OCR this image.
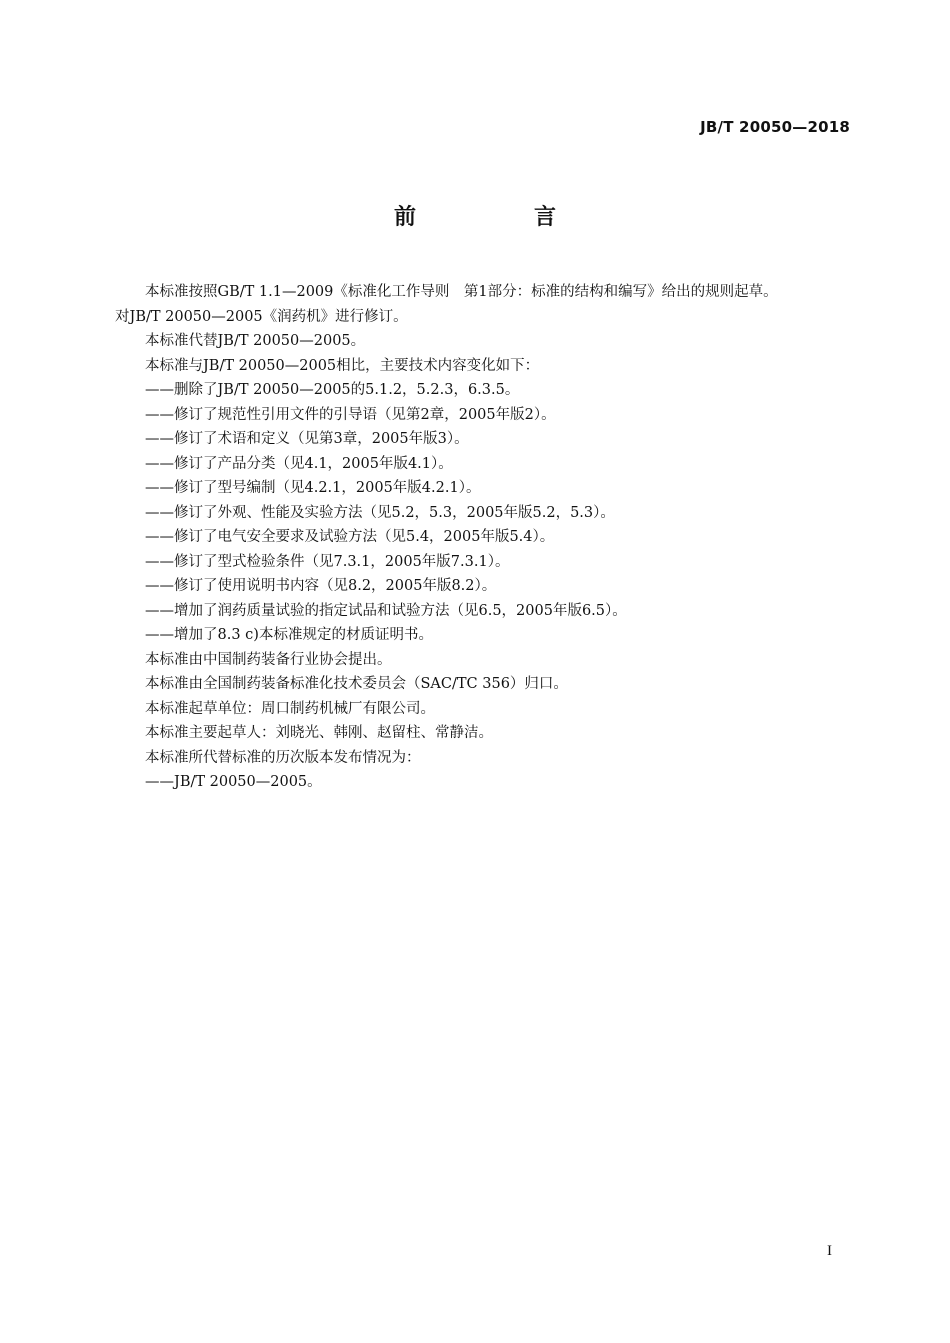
JB/T 20050—2018
前　言

本标准按照GB/T 1.1—2009《标准化工作导则　第1部分：标准的结构和编写》给出的规则起草。

对JB/T 20050—2005《润药机》进行修订。

本标准代替JB/T 20050—2005。

本标准与JB/T 20050—2005相比，主要技术内容变化如下：

——删除了JB/T 20050—2005的5.1.2，5.2.3，6.3.5。

——修订了规范性引用文件的引导语（见第2章，2005年版2）。

——修订了术语和定义（见第3章，2005年版3）。

——修订了产品分类（见4.1，2005年版4.1）。

——修订了型号编制（见4.2.1，2005年版4.2.1）。

——修订了外观、性能及实验方法（见5.2，5.3，2005年版5.2，5.3）。

——修订了电气安全要求及试验方法（见5.4，2005年版5.4）。

——修订了型式检验条件（见7.3.1，2005年版7.3.1）。

——修订了使用说明书内容（见8.2，2005年版8.2）。

——增加了润药质量试验的指定试品和试验方法（见6.5，2005年版6.5）。

——增加了8.3 c)本标准规定的材质证明书。

本标准由中国制药装备行业协会提出。

本标准由全国制药装备标准化技术委员会（SAC/TC 356）归口。

本标准起草单位：周口制药机械厂有限公司。

本标准主要起草人：刘晓光、韩刚、赵留柱、常静洁。

本标准所代替标准的历次版本发布情况为：

——JB/T 20050—2005。

I
